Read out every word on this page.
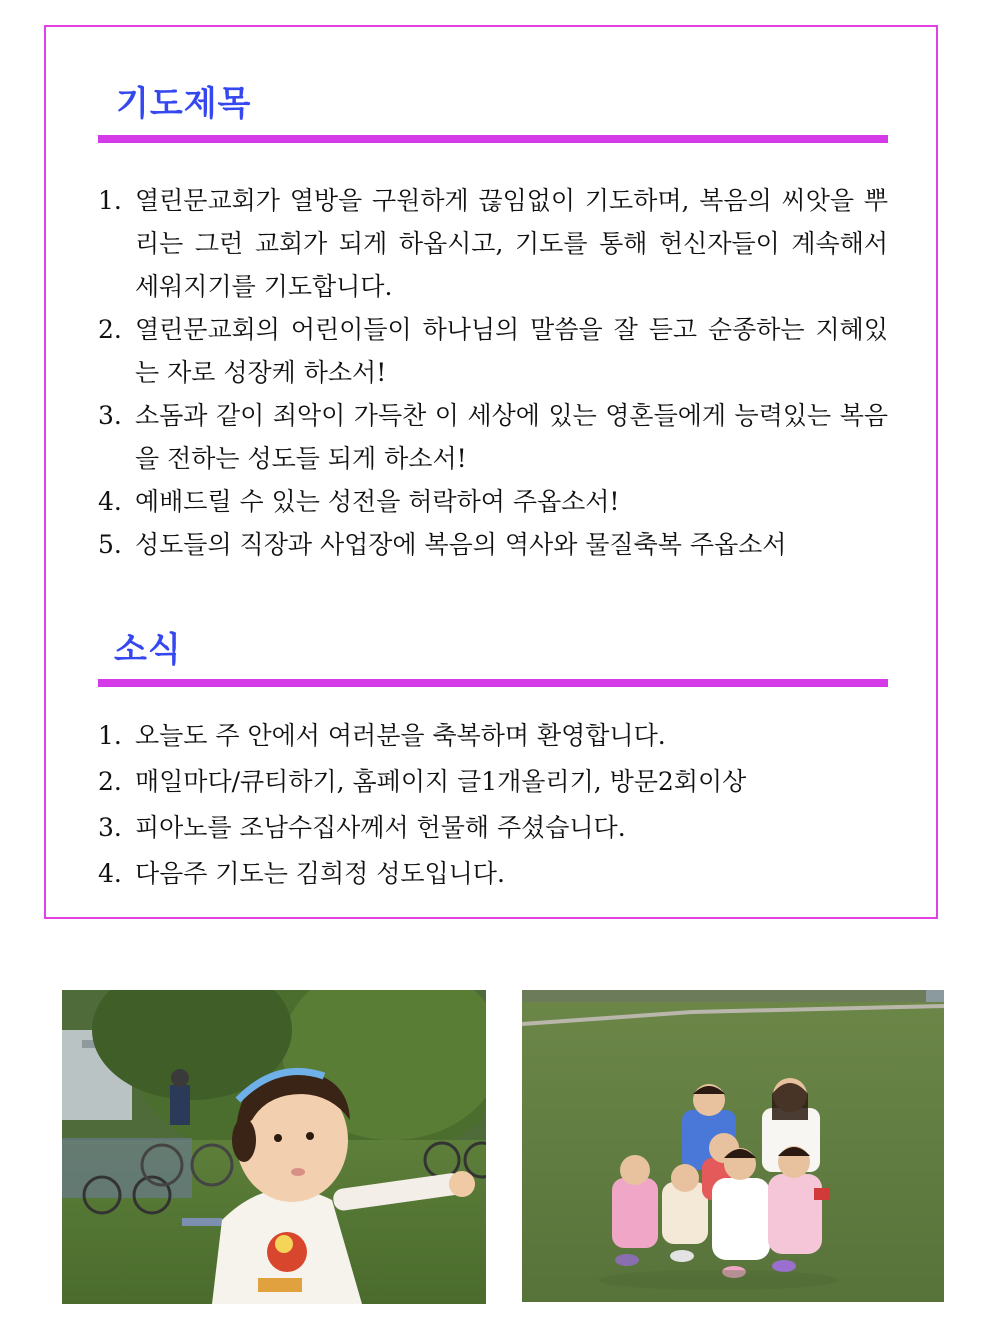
기도제목
1. 열린문교회가 열방을 구원하게 끊임없이 기도하며, 복음의 씨앗을 뿌리는 그런 교회가 되게 하옵시고, 기도를 통해 헌신자들이 계속해서 세워지기를 기도합니다.
2. 열린문교회의 어린이들이 하나님의 말씀을 잘 듣고 순종하는 지혜있는 자로 성장케 하소서!
3. 소돔과 같이 죄악이 가득찬 이 세상에 있는 영혼들에게 능력있는 복음을 전하는 성도들 되게 하소서!
4. 예배드릴 수 있는 성전을 허락하여 주옵소서!
5. 성도들의 직장과 사업장에 복음의 역사와 물질축복 주옵소서
소식
1. 오늘도 주 안에서 여러분을 축복하며 환영합니다.
2. 매일마다/큐티하기, 홈페이지 글1개올리기, 방문2회이상
3. 피아노를 조남수집사께서 헌물해 주셨습니다.
4. 다음주 기도는 김희정 성도입니다.
